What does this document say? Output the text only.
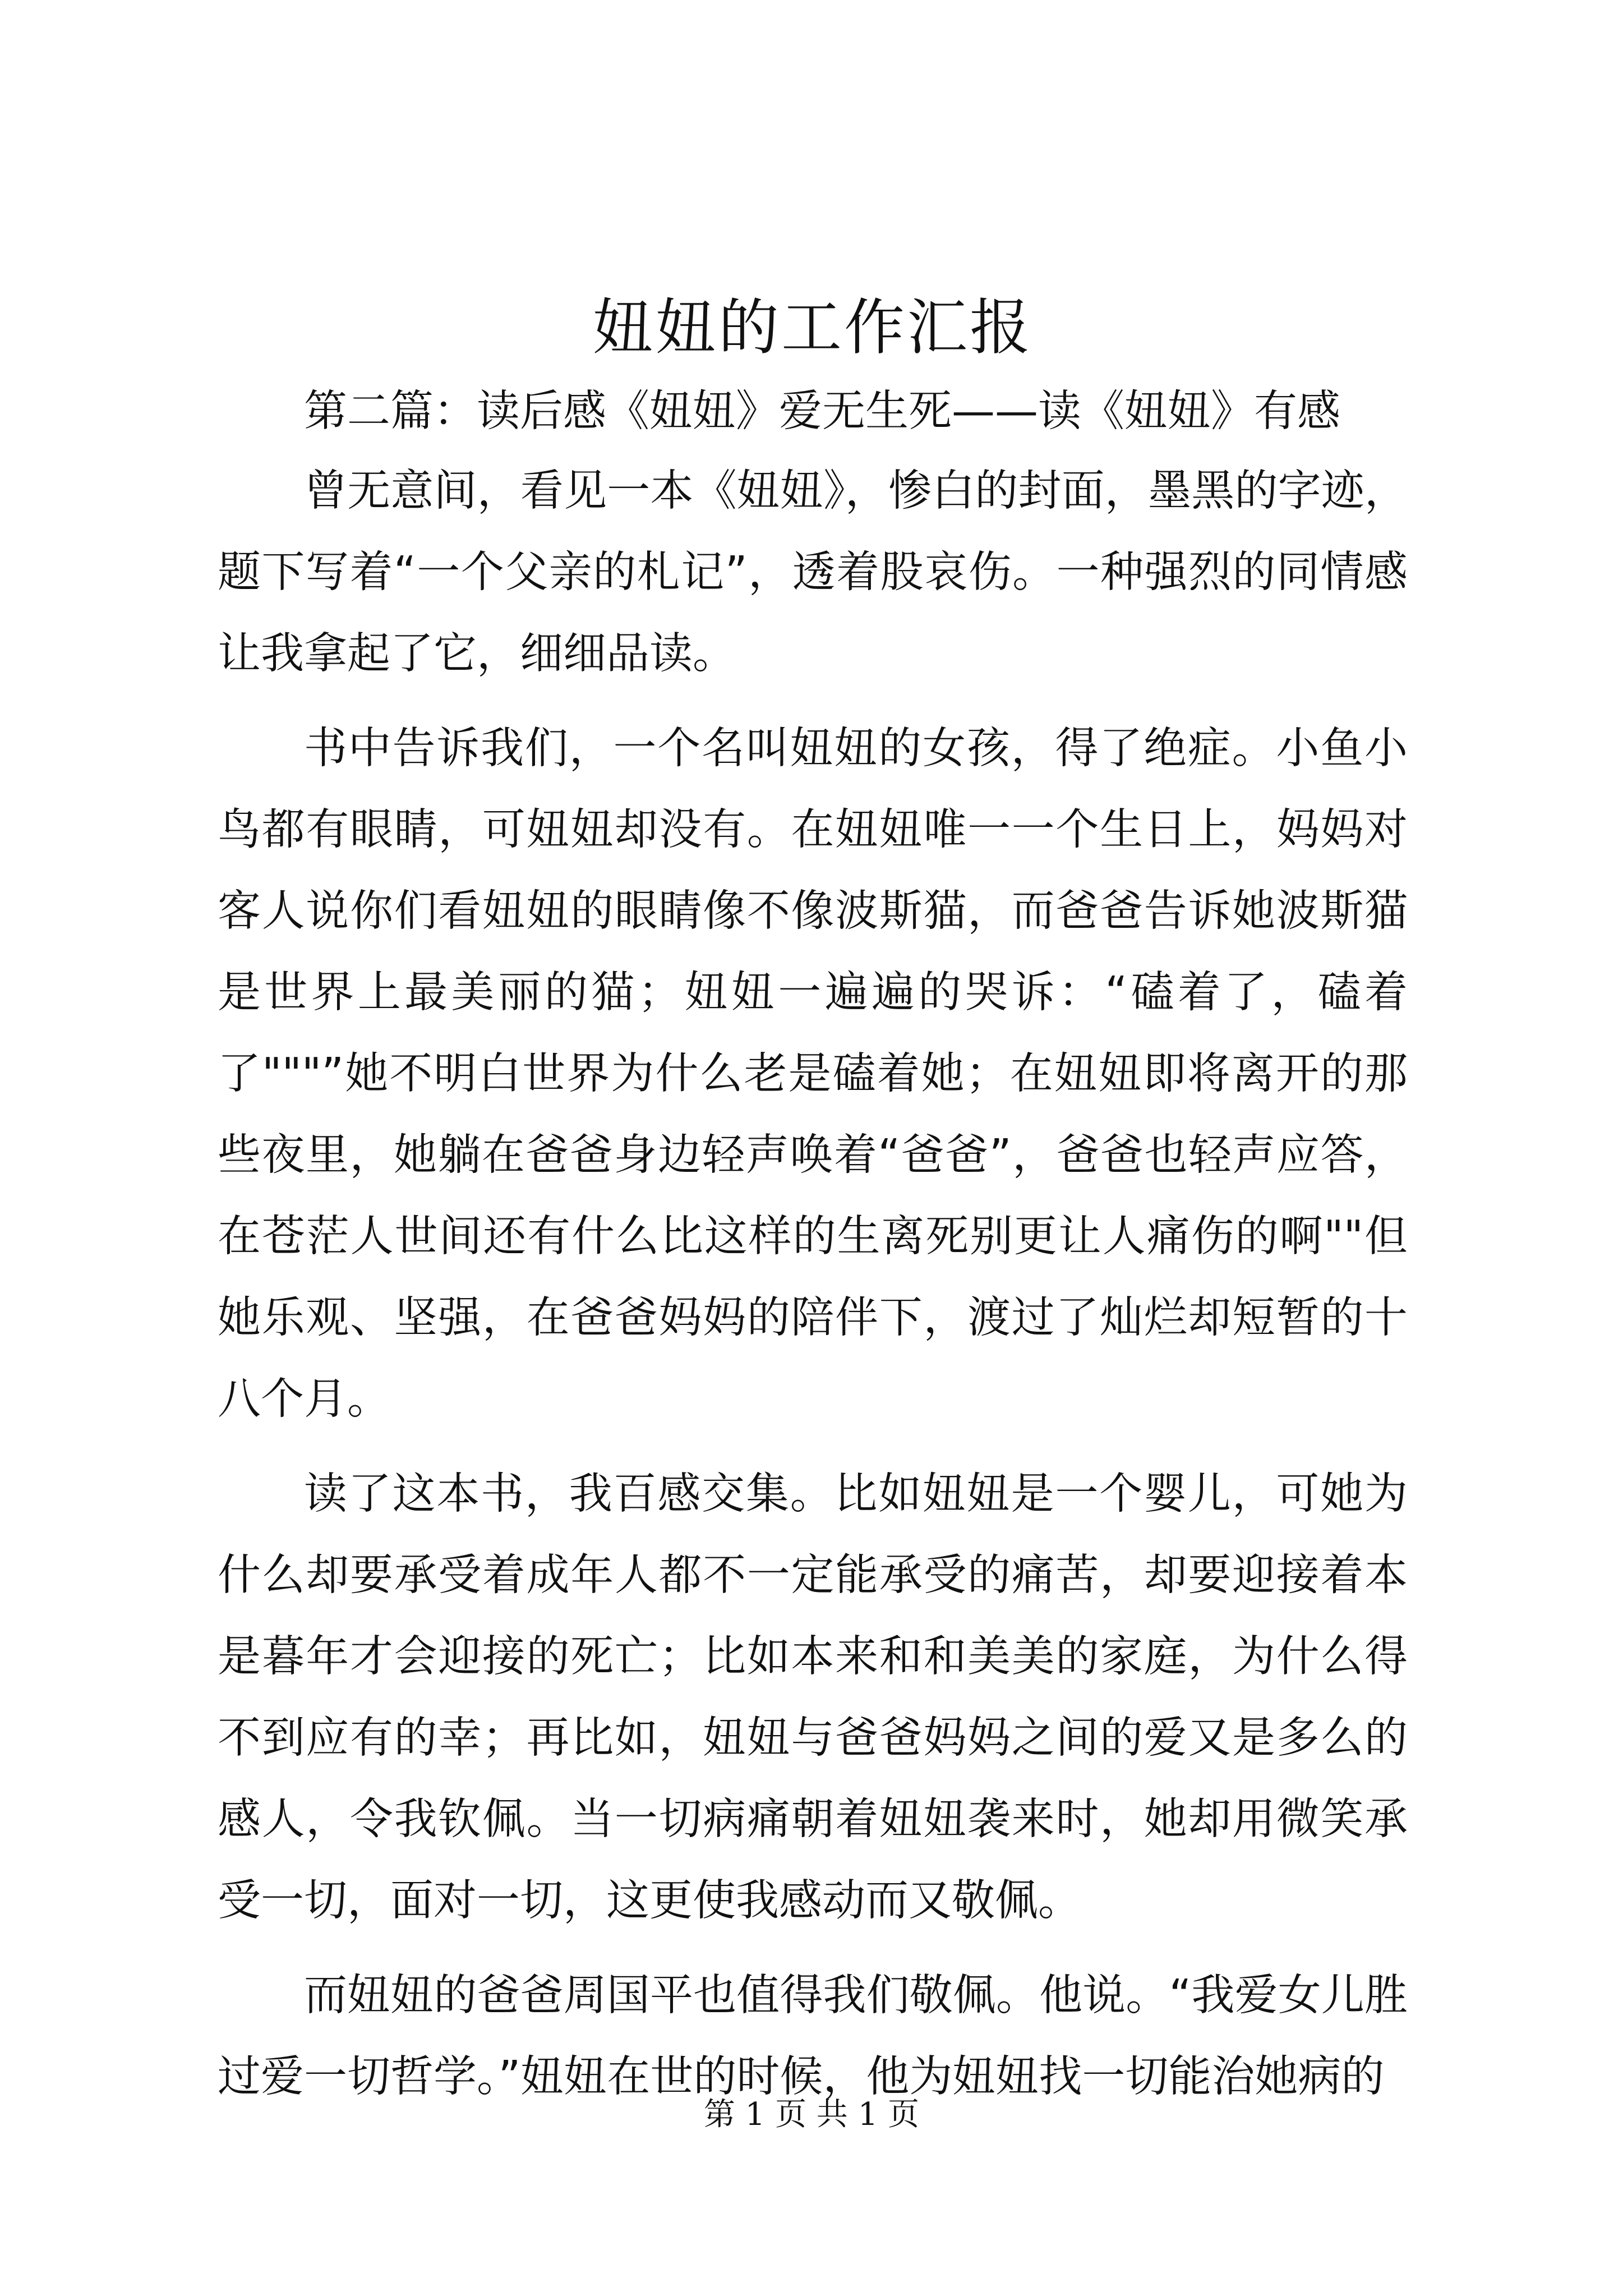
妞妞的工作汇报

第二篇：读后感《妞妞》爱无生死——读《妞妞》有感

曾无意间，看见一本《妞妞》，惨白的封面，墨黑的字迹，题下写着“一个父亲的札记”，透着股哀伤。一种强烈的同情感让我拿起了它，细细品读。

书中告诉我们，一个名叫妞妞的女孩，得了绝症。小鱼小鸟都有眼睛，可妞妞却没有。在妞妞唯一一个生日上，妈妈对客人说你们看妞妞的眼睛像不像波斯猫，而爸爸告诉她波斯猫是世界上最美丽的猫；妞妞一遍遍的哭诉：“磕着了，磕着了"""”她不明白世界为什么老是磕着她；在妞妞即将离开的那些夜里，她躺在爸爸身边轻声唤着“爸爸”，爸爸也轻声应答，在苍茫人世间还有什么比这样的生离死别更让人痛伤的啊""但她乐观、坚强，在爸爸妈妈的陪伴下，渡过了灿烂却短暂的十八个月。

读了这本书，我百感交集。比如妞妞是一个婴儿，可她为什么却要承受着成年人都不一定能承受的痛苦，却要迎接着本是暮年才会迎接的死亡；比如本来和和美美的家庭，为什么得不到应有的幸；再比如，妞妞与爸爸妈妈之间的爱又是多么的感人，令我钦佩。当一切病痛朝着妞妞袭来时，她却用微笑承受一切，面对一切，这更使我感动而又敬佩。

而妞妞的爸爸周国平也值得我们敬佩。他说。“我爱女儿胜过爱一切哲学。”妞妞在世的时候，他为妞妞找一切能治她病的

第 1 页 共 1 页
